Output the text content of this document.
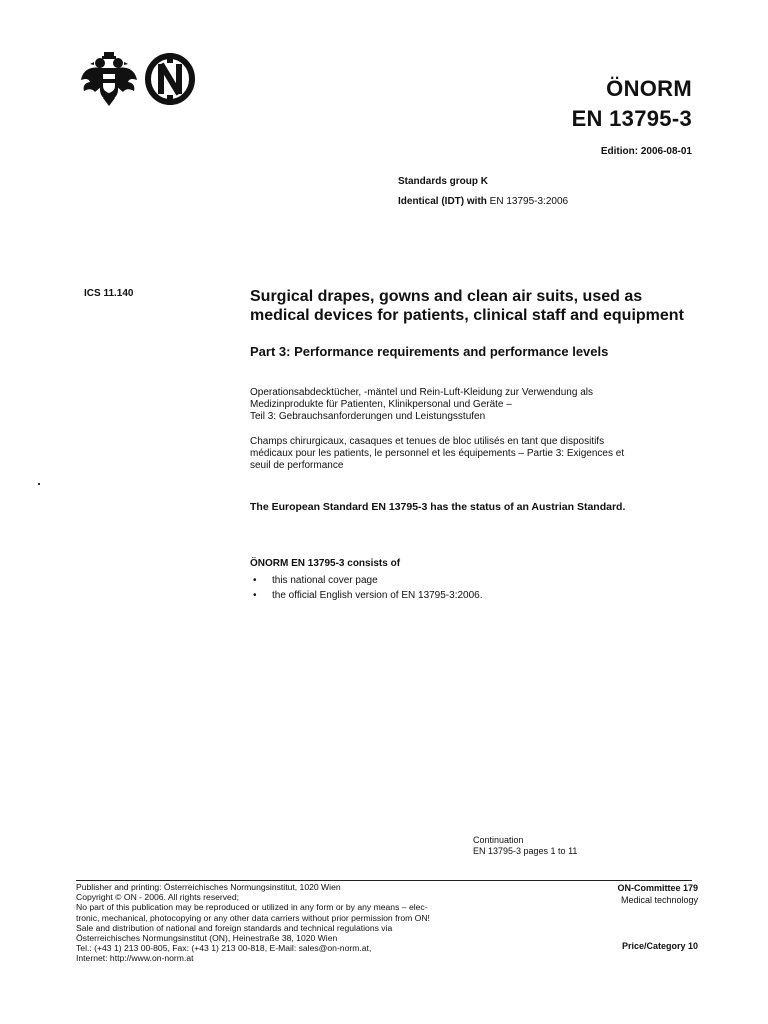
ÖNORM
EN 13795-3
Edition: 2006-08-01
Standards group K
Identical (IDT) with EN 13795-3:2006
ICS 11.140	Surgical drapes, gowns and clean air suits, used as medical devices for patients, clinical staff and equipment
Part 3: Performance requirements and performance levels
Operationsabdecktücher, -mäntel und Rein-Luft-Kleidung zur Verwendung als
Medizinprodukte für Patienten, Klinikpersonal und Geräte –
Teil 3: Gebrauchsanforderungen und Leistungsstufen
Champs chirurgicaux, casaques et tenues de bloc utilisés en tant que dispositifs
médicaux pour les patients, le personnel et les équipements – Partie 3: Exigences et
seuil de performance
The European Standard EN 13795-3 has the status of an Austrian Standard.
ÖNORM EN 13795-3 consists of
• this national cover page
• the official English version of EN 13795-3:2006.
Continuation
EN 13795-3 pages 1 to 11
Publisher and printing: Österreichisches Normungsinstitut, 1020 Wien
Copyright © ON - 2006. All rights reserved;
No part of this publication may be reproduced or utilized in any form or by any means – elec-
tronic, mechanical, photocopying or any other data carriers without prior permission from ON!
Sale and distribution of national and foreign standards and technical regulations via
Österreichisches Normungsinstitut (ON), Heinestraße 38, 1020 Wien
Tel.: (+43 1) 213 00-805, Fax: (+43 1) 213 00-818, E-Mail: sales@on-norm.at,
Internet: http://www.on-norm.at
ON-Committee 179
Medical technology
Price/Category 10
